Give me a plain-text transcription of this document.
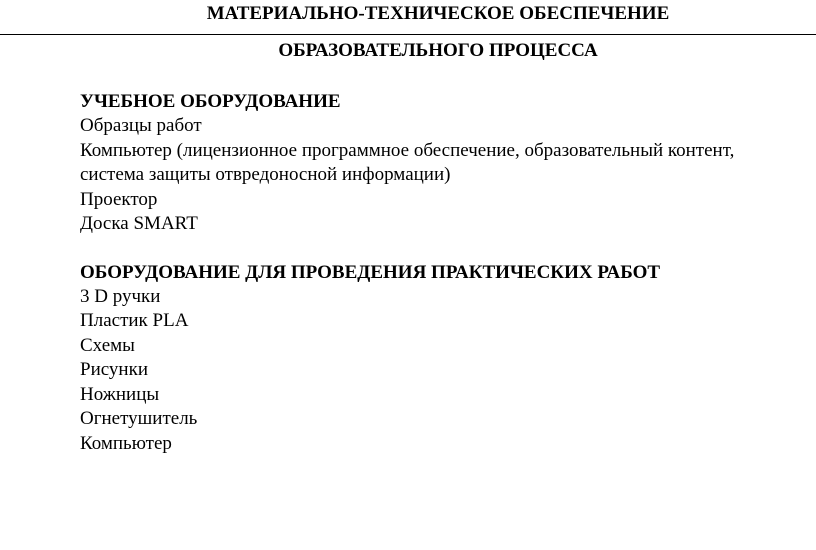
МАТЕРИАЛЬНО-ТЕХНИЧЕСКОЕ ОБЕСПЕЧЕНИЕ
ОБРАЗОВАТЕЛЬНОГО ПРОЦЕССА
УЧЕБНОЕ ОБОРУДОВАНИЕ
Образцы работ
Компьютер (лицензионное программное обеспечение, образовательный контент, система защиты отвредоносной информации)
Проектор
Доска SMART
ОБОРУДОВАНИЕ ДЛЯ ПРОВЕДЕНИЯ ПРАКТИЧЕСКИХ РАБОТ
3 D ручки
Пластик PLA
Схемы
Рисунки
Ножницы
Огнетушитель
Компьютер
